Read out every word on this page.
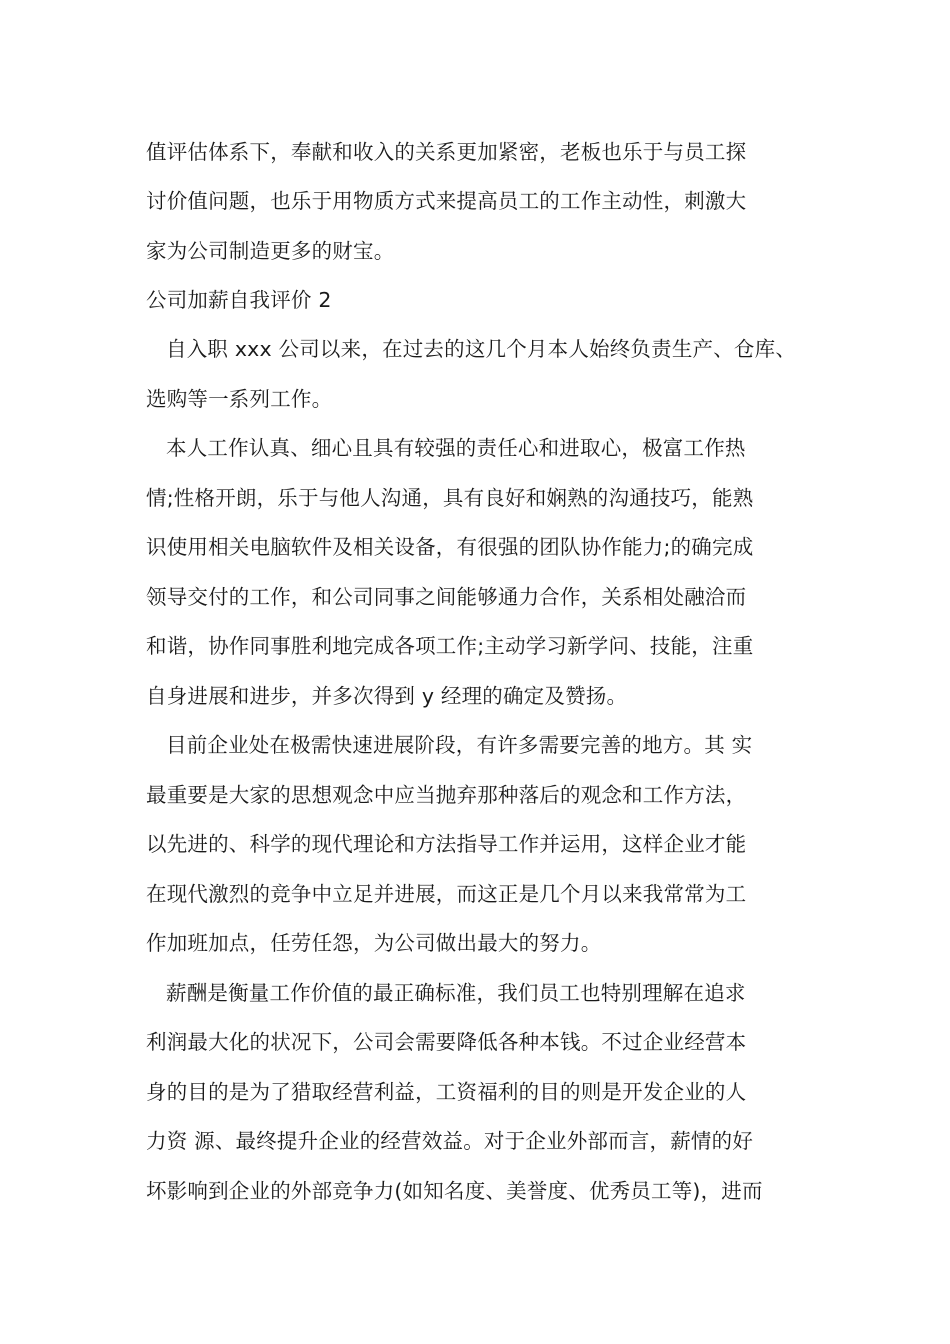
值评估体系下，奉献和收入的关系更加紧密，老板也乐于与员工探
讨价值问题，也乐于用物质方式来提高员工的工作主动性，刺激大
家为公司制造更多的财宝。
公司加薪自我评价 2
自入职 xxx 公司以来，在过去的这几个月本人始终负责生产、仓库、
选购等一系列工作。
本人工作认真、细心且具有较强的责任心和进取心，极富工作热
情;性格开朗，乐于与他人沟通，具有良好和娴熟的沟通技巧，能熟
识使用相关电脑软件及相关设备，有很强的团队协作能力;的确完成
领导交付的工作，和公司同事之间能够通力合作，关系相处融洽而
和谐，协作同事胜利地完成各项工作;主动学习新学问、技能，注重
自身进展和进步，并多次得到 y 经理的确定及赞扬。
目前企业处在极需快速进展阶段，有许多需要完善的地方。其 实
最重要是大家的思想观念中应当抛弃那种落后的观念和工作方法，
以先进的、科学的现代理论和方法指导工作并运用，这样企业才能
在现代激烈的竞争中立足并进展，而这正是几个月以来我常常为工
作加班加点，任劳任怨，为公司做出最大的努力。
薪酬是衡量工作价值的最正确标准，我们员工也特别理解在追求
利润最大化的状况下，公司会需要降低各种本钱。不过企业经营本
身的目的是为了猎取经营利益，工资福利的目的则是开发企业的人
力资 源、最终提升企业的经营效益。对于企业外部而言，薪情的好
坏影响到企业的外部竞争力(如知名度、美誉度、优秀员工等)，进而
